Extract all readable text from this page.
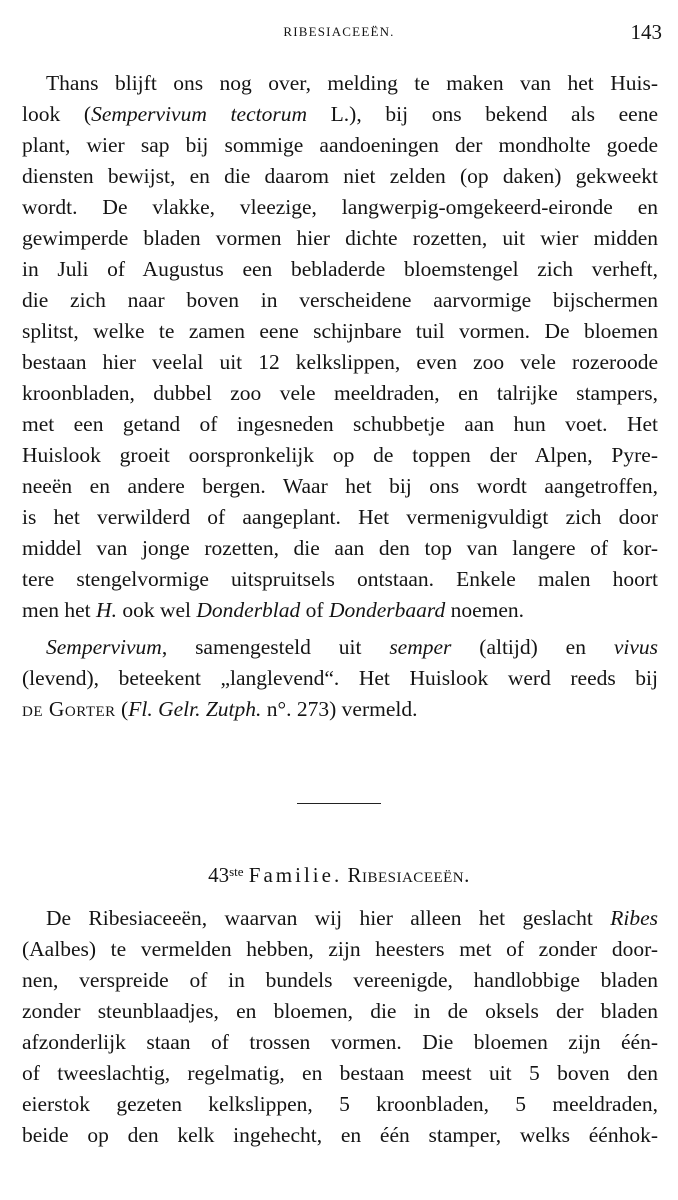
RIBESIACEEËN.	143
Thans blijft ons nog over, melding te maken van het Huis-
look (Sempervivum tectorum L.), bij ons bekend als eene
plant, wier sap bij sommige aandoeningen der mondholte goede
diensten bewijst, en die daarom niet zelden (op daken) gekweekt
wordt. De vlakke, vleezige, langwerpig-omgekeerd-eironde en
gewimperde bladen vormen hier dichte rozetten, uit wier midden
in Juli of Augustus een bebladerde bloemstengel zich verheft,
die zich naar boven in verscheidene aarvormige bijschermen
splitst, welke te zamen eene schijnbare tuil vormen. De bloemen
bestaan hier veelal uit 12 kelkslippen, even zoo vele rozeroode
kroonbladen, dubbel zoo vele meeldraden, en talrijke stampers,
met een getand of ingesneden schubbetje aan hun voet. Het
Huislook groeit oorspronkelijk op de toppen der Alpen, Pyre-
neeën en andere bergen. Waar het bij ons wordt aangetroffen,
is het verwilderd of aangeplant. Het vermenigvuldigt zich door
middel van jonge rozetten, die aan den top van langere of kor-
tere stengelvormige uitspruitsels ontstaan. Enkele malen hoort
men het H. ook wel Donderblad of Donderbaard noemen.
Sempervivum, samengesteld uit semper (altijd) en vivus
(levend), beteekent „langlevend“. Het Huislook werd reeds bij
de Gorter (Fl. Gelr. Zutph. n°. 273) vermeld.
43ste Familie. Ribesiaceeën.
De Ribesiaceeën, waarvan wij hier alleen het geslacht Ribes
(Aalbes) te vermelden hebben, zijn heesters met of zonder door-
nen, verspreide of in bundels vereenigde, handlobbige bladen
zonder steunblaadjes, en bloemen, die in de oksels der bladen
afzonderlijk staan of trossen vormen. Die bloemen zijn één-
of tweeslachtig, regelmatig, en bestaan meest uit 5 boven den
eierstok gezeten kelkslippen, 5 kroonbladen, 5 meeldraden,
beide op den kelk ingehecht, en één stamper, welks éénhok-
